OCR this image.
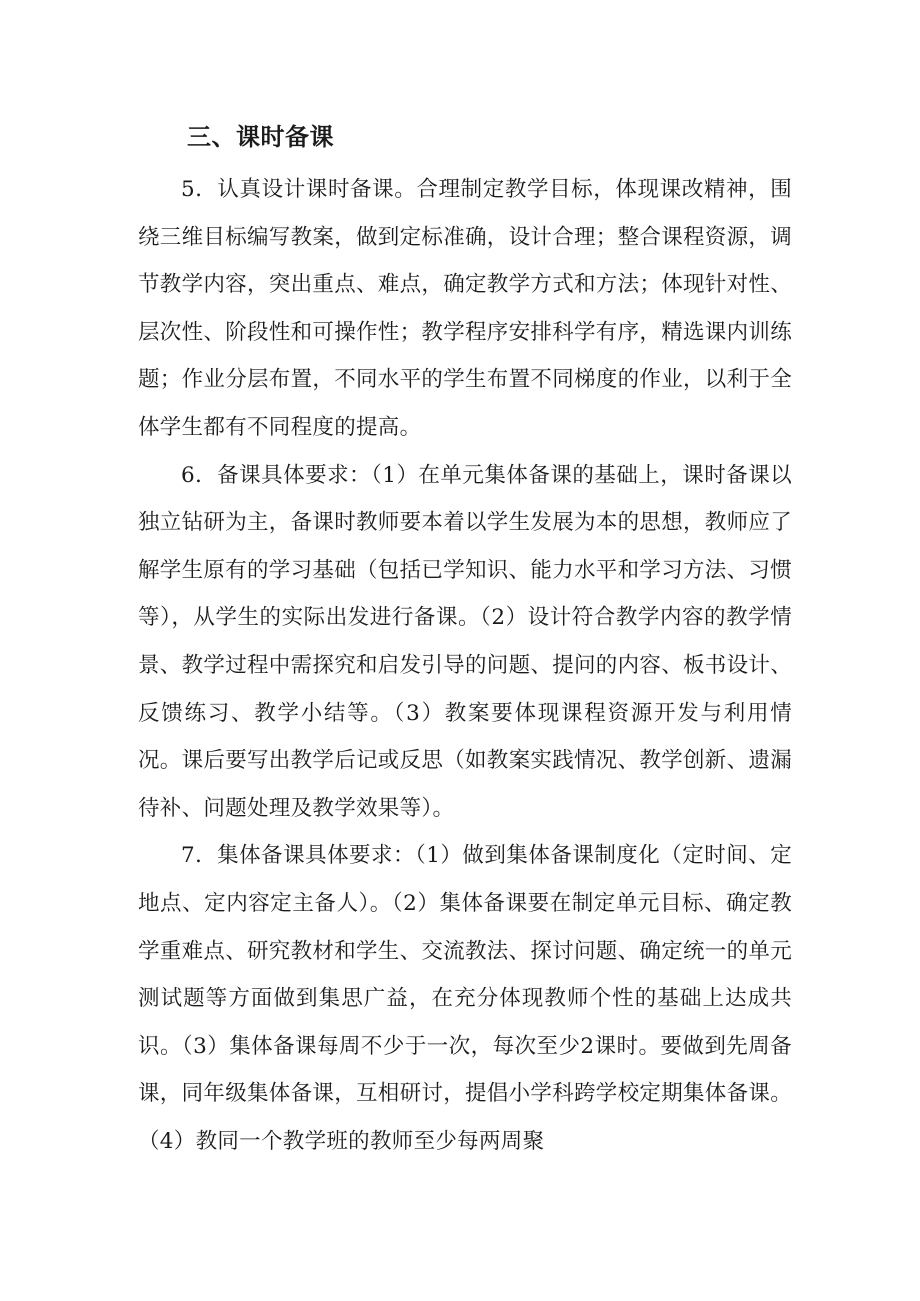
三、课时备课

5．认真设计课时备课。合理制定教学目标，体现课改精神，围绕三维目标编写教案，做到定标准确，设计合理；整合课程资源，调节教学内容，突出重点、难点，确定教学方式和方法；体现针对性、层次性、阶段性和可操作性；教学程序安排科学有序，精选课内训练题；作业分层布置，不同水平的学生布置不同梯度的作业，以利于全体学生都有不同程度的提高。

6．备课具体要求：（1）在单元集体备课的基础上，课时备课以独立钻研为主，备课时教师要本着以学生发展为本的思想，教师应了解学生原有的学习基础（包括已学知识、能力水平和学习方法、习惯等），从学生的实际出发进行备课。（2）设计符合教学内容的教学情景、教学过程中需探究和启发引导的问题、提问的内容、板书设计、反馈练习、教学小结等。（3）教案要体现课程资源开发与利用情况。课后要写出教学后记或反思（如教案实践情况、教学创新、遗漏待补、问题处理及教学效果等）。

7．集体备课具体要求：（1）做到集体备课制度化（定时间、定地点、定内容定主备人）。（2）集体备课要在制定单元目标、确定教学重难点、研究教材和学生、交流教法、探讨问题、确定统一的单元测试题等方面做到集思广益，在充分体现教师个性的基础上达成共识。（3）集体备课每周不少于一次，每次至少2课时。要做到先周备课，同年级集体备课，互相研讨，提倡小学科跨学校定期集体备课。（4）教同一个教学班的教师至少每两周聚
